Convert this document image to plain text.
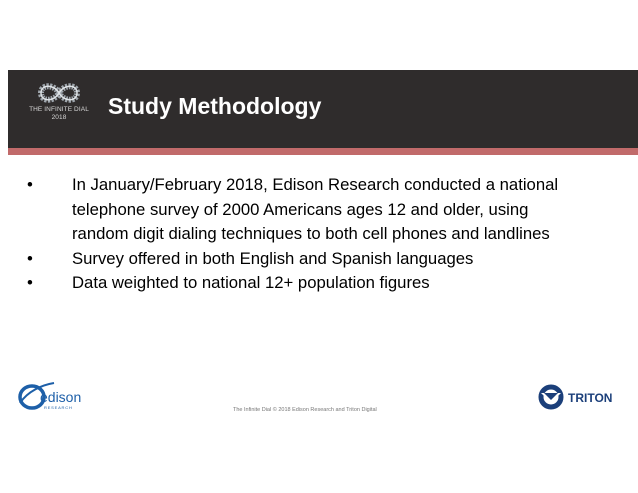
THE INFINITE DIAL
2018	Study Methodology
• In January/February 2018, Edison Research conducted a national telephone survey of 2000 Americans ages 12 and older, using random digit dialing techniques to both cell phones and landlines
• Survey offered in both English and Spanish languages
• Data weighted to national 12+ population figures
edison
RESEARCH	The Infinite Dial © 2018 Edison Research and Triton Digital
TRITON
